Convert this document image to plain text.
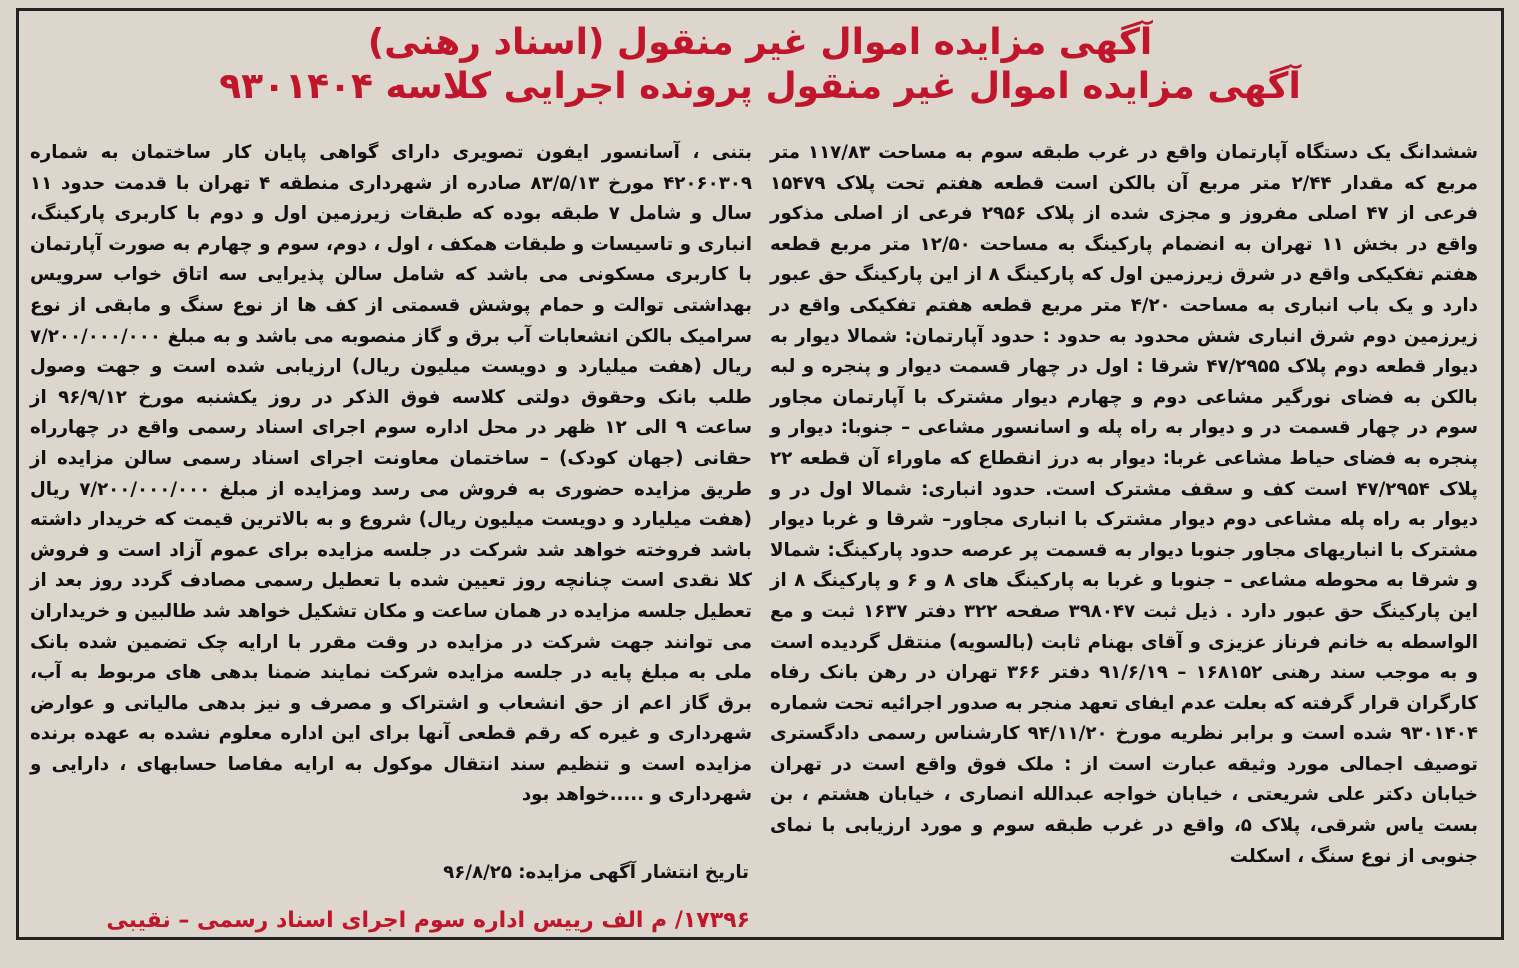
آگهی مزایده اموال غیر منقول (اسناد رهنی)

آگهی مزایده اموال غیر منقول پرونده اجرایی کلاسه ۹۳۰۱۴۰۴

ششدانگ یک دستگاه آپارتمان واقع در غرب طبقه سوم به مساحت ۱۱۷/۸۳ متر مربع که مقدار ۲/۴۴ متر مربع آن بالکن است قطعه هفتم تحت پلاک ۱۵۴۷۹ فرعی از ۴۷ اصلی مفروز و مجزی شده از پلاک ۲۹۵۶ فرعی از اصلی مذکور واقع در بخش ۱۱ تهران به انضمام پارکینگ به مساحت ۱۲/۵۰ متر مربع قطعه هفتم تفکیکی واقع در شرق زیرزمین اول که پارکینگ ۸ از این پارکینگ حق عبور دارد و یک باب انباری به مساحت ۴/۲۰ متر مربع قطعه هفتم تفکیکی واقع در زیرزمین دوم شرق انباری شش محدود به حدود : حدود آپارتمان: شمالا دیوار به دیوار قطعه دوم پلاک ۴۷/۲۹۵۵ شرقا : اول در چهار قسمت دیوار و پنجره و لبه بالکن به فضای نورگیر مشاعی دوم و چهارم دیوار مشترک با آپارتمان مجاور سوم در چهار قسمت در و دیوار به راه پله و اسانسور مشاعی – جنوبا: دیوار و پنجره به فضای حیاط مشاعی غربا: دیوار به درز انقطاع که ماوراء آن قطعه ۲۲ پلاک ۴۷/۲۹۵۴ است کف و سقف مشترک است. حدود انباری: شمالا اول در و دیوار به راه پله مشاعی دوم دیوار مشترک با انباری مجاور– شرقا و غربا دیوار مشترک با انباریهای مجاور جنوبا دیوار به قسمت پر عرصه حدود پارکینگ: شمالا و شرقا به محوطه مشاعی – جنوبا و غربا به پارکینگ های ۸ و ۶ و پارکینگ ۸ از این پارکینگ حق عبور دارد . ذیل ثبت ۳۹۸۰۴۷ صفحه ۳۲۲ دفتر ۱۶۳۷ ثبت و مع الواسطه به خانم فرناز عزیزی و آقای بهنام ثابت (بالسویه) منتقل گردیده است و به موجب سند رهنی ۱۶۸۱۵۲ – ۹۱/۶/۱۹ دفتر ۳۶۶ تهران در رهن بانک رفاه کارگران قرار گرفته که بعلت عدم ایفای تعهد منجر به صدور اجرائیه تحت شماره ۹۳۰۱۴۰۴ شده است و برابر نظریه مورخ ۹۴/۱۱/۲۰ کارشناس رسمی دادگستری توصیف اجمالی مورد وثیقه عبارت است از : ملک فوق واقع است در تهران خیابان دکتر علی شریعتی ، خیابان خواجه عبدالله انصاری ، خیابان هشتم ، بن بست یاس شرقی، پلاک ۵، واقع در غرب طبقه سوم و مورد ارزیابی با نمای جنوبی از نوع سنگ ، اسکلت

بتنی ، آسانسور ایفون تصویری دارای گواهی پایان کار ساختمان به شماره ۴۲۰۶۰۳۰۹ مورخ ۸۳/۵/۱۳ صادره از شهرداری منطقه ۴ تهران با قدمت حدود ۱۱ سال و شامل ۷ طبقه بوده که طبقات زیرزمین اول و دوم با کاربری پارکینگ، انباری و تاسیسات و طبقات همکف ، اول ، دوم، سوم و چهارم به صورت آپارتمان با کاربری مسکونی می باشد که شامل سالن پذیرایی سه اتاق خواب سرویس بهداشتی توالت و حمام پوشش قسمتی از کف ها از نوع سنگ و مابقی از نوع سرامیک بالکن انشعابات آب برق و گاز منصوبه می باشد و به مبلغ ۷/۲۰۰/۰۰۰/۰۰۰ ریال (هفت میلیارد و دویست میلیون ریال) ارزیابی شده است و جهت وصول طلب بانک وحقوق دولتی کلاسه فوق الذکر در روز یکشنبه مورخ ۹۶/۹/۱۲ از ساعت ۹ الی ۱۲ ظهر در محل اداره سوم اجرای اسناد رسمی واقع در چهارراه حقانی (جهان کودک) – ساختمان معاونت اجرای اسناد رسمی سالن مزایده از طریق مزایده حضوری به فروش می رسد ومزایده از مبلغ ۷/۲۰۰/۰۰۰/۰۰۰ ریال (هفت میلیارد و دویست میلیون ریال) شروع و به بالاترین قیمت که خریدار داشته باشد فروخته خواهد شد شرکت در جلسه مزایده برای عموم آزاد است و فروش کلا نقدی است چنانچه روز تعیین شده با تعطیل رسمی مصادف گردد روز بعد از تعطیل جلسه مزایده در همان ساعت و مکان تشکیل خواهد شد طالبین و خریداران می توانند جهت شرکت در مزایده در وقت مقرر با ارایه چک تضمین شده بانک ملی به مبلغ پایه در جلسه مزایده شرکت نمایند ضمنا بدهی های مربوط به آب، برق گاز اعم از حق انشعاب و اشتراک و مصرف و نیز بدهی مالیاتی و عوارض شهرداری و غیره که رقم قطعی آنها برای این اداره معلوم نشده به عهده برنده مزایده است و تنظیم سند انتقال موکول به ارایه مفاصا حسابهای ، دارایی و شهرداری و .....خواهد بود

تاریخ انتشار آگهی مزایده: ۹۶/۸/۲۵
۱۷۳۹۶/ م الف رییس اداره سوم اجرای اسناد رسمی – نقیبی
